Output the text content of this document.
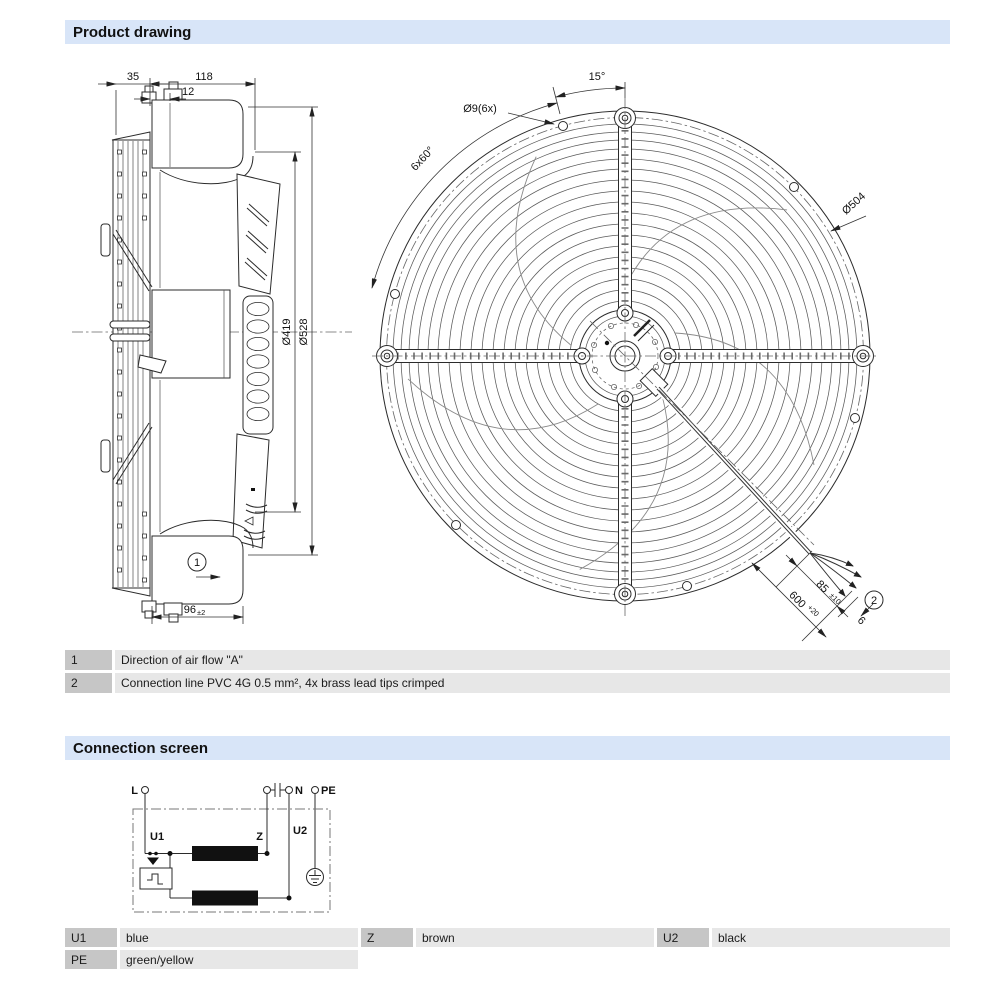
Product drawing
1
35	118
12
Ø419 Ø528
96 ±2
15°
Ø9(6x)
6x60°
Ø504
600
+20
85
±10
6
2
1	Direction of air flow "A"
2	Connection line PVC 4G 0.5 mm², 4x brass lead tips crimped
Connection screen
L	N PE
U1	Z	U2
U1	blue	Z	brown	U2	black
PE	green/yellow
